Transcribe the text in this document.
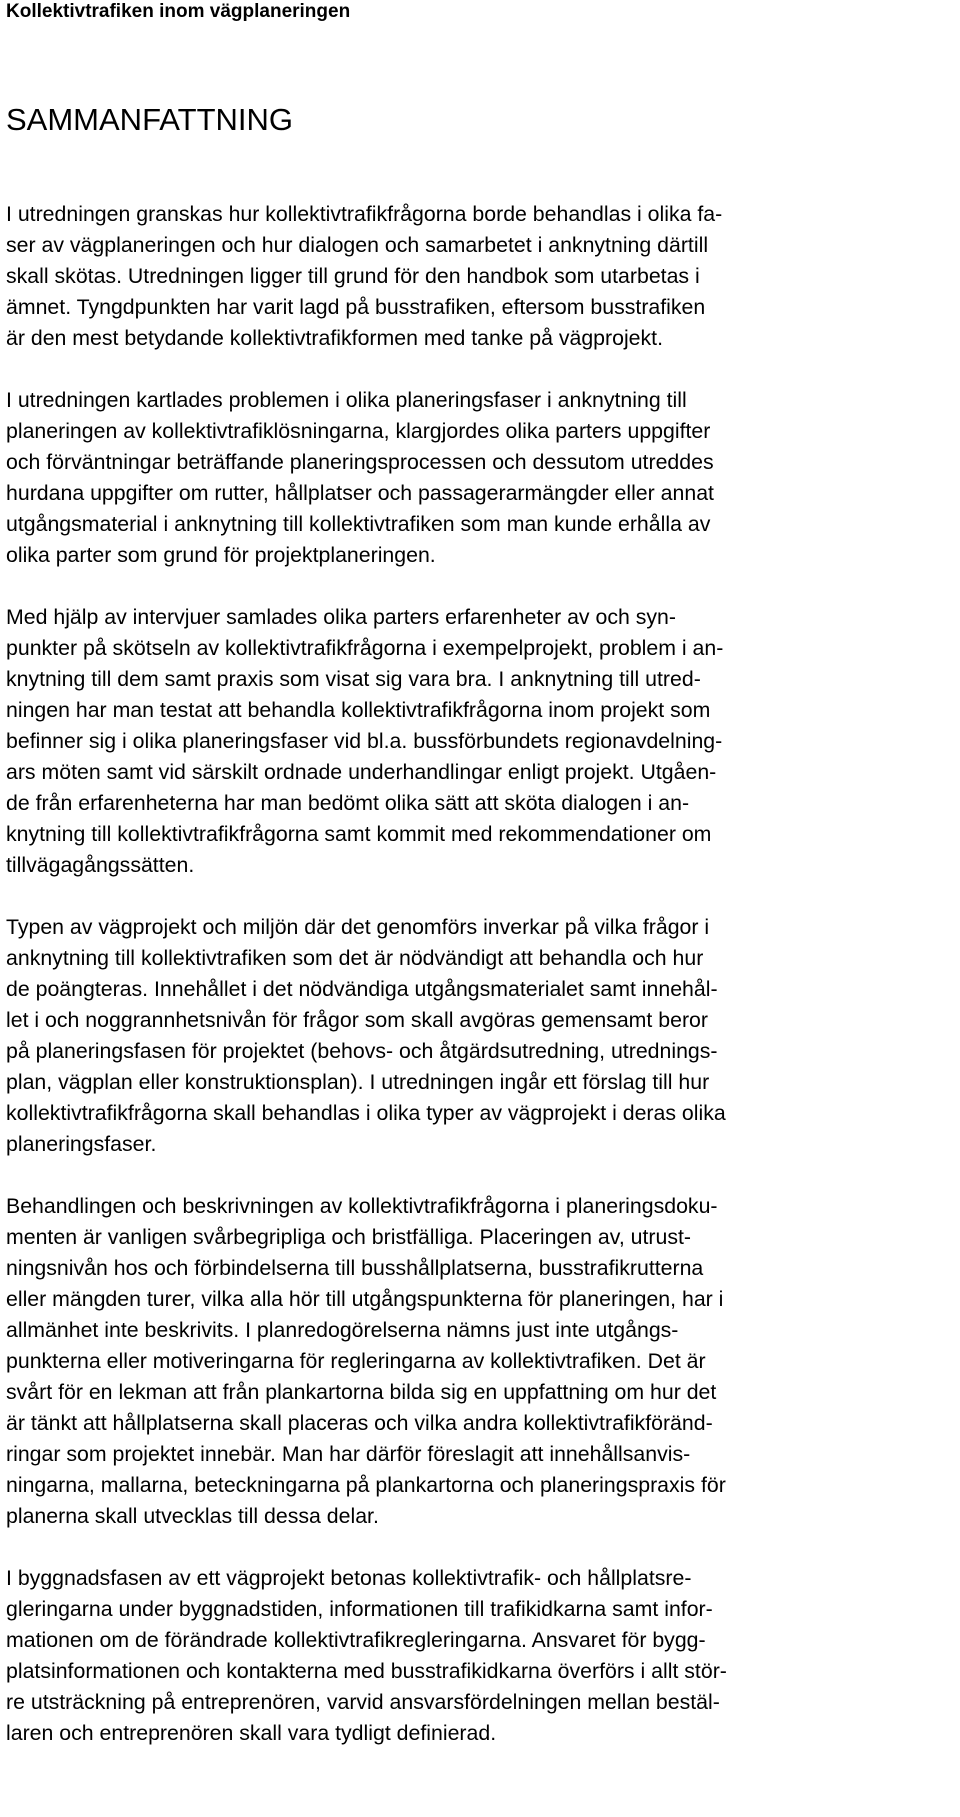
Kollektivtrafiken inom vägplaneringen
SAMMANFATTNING
I utredningen granskas hur kollektivtrafikfrågorna borde behandlas i olika fa-
ser av vägplaneringen och hur dialogen och samarbetet i anknytning därtill
skall skötas. Utredningen ligger till grund för den handbok som utarbetas i
ämnet. Tyngdpunkten har varit lagd på busstrafiken, eftersom busstrafiken
är den mest betydande kollektivtrafikformen med tanke på vägprojekt.
I utredningen kartlades problemen i olika planeringsfaser i anknytning till
planeringen av kollektivtrafiklösningarna, klargjordes olika parters uppgifter
och förväntningar beträffande planeringsprocessen och dessutom utreddes
hurdana uppgifter om rutter, hållplatser och passagerarmängder eller annat
utgångsmaterial i anknytning till kollektivtrafiken som man kunde erhålla av
olika parter som grund för projektplaneringen.
Med hjälp av intervjuer samlades olika parters erfarenheter av och syn-
punkter på skötseln av kollektivtrafikfrågorna i exempelprojekt, problem i an-
knytning till dem samt praxis som visat sig vara bra. I anknytning till utred-
ningen har man testat att behandla kollektivtrafikfrågorna inom projekt som
befinner sig i olika planeringsfaser vid bl.a. bussförbundets regionavdelning-
ars möten samt vid särskilt ordnade underhandlingar enligt projekt. Utgåen-
de från erfarenheterna har man bedömt olika sätt att sköta dialogen i an-
knytning till kollektivtrafikfrågorna samt kommit med rekommendationer om
tillvägagångssätten.
Typen av vägprojekt och miljön där det genomförs inverkar på vilka frågor i
anknytning till kollektivtrafiken som det är nödvändigt att behandla och hur
de poängteras. Innehållet i det nödvändiga utgångsmaterialet samt innehål-
let i och noggrannhetsnivån för frågor som skall avgöras gemensamt beror
på planeringsfasen för projektet (behovs- och åtgärdsutredning, utrednings-
plan, vägplan eller konstruktionsplan). I utredningen ingår ett förslag till hur
kollektivtrafikfrågorna skall behandlas i olika typer av vägprojekt i deras olika
planeringsfaser.
Behandlingen och beskrivningen av kollektivtrafikfrågorna i planeringsdoku-
menten är vanligen svårbegripliga och bristfälliga. Placeringen av, utrust-
ningsnivån hos och förbindelserna till busshållplatserna, busstrafikrutterna
eller mängden turer, vilka alla hör till utgångspunkterna för planeringen, har i
allmänhet inte beskrivits. I planredogörelserna nämns just inte utgångs-
punkterna eller motiveringarna för regleringarna av kollektivtrafiken. Det är
svårt för en lekman att från plankartorna bilda sig en uppfattning om hur det
är tänkt att hållplatserna skall placeras och vilka andra kollektivtrafikföränd-
ringar som projektet innebär. Man har därför föreslagit att innehållsanvis-
ningarna, mallarna, beteckningarna på plankartorna och planeringspraxis för
planerna skall utvecklas till dessa delar.
I byggnadsfasen av ett vägprojekt betonas kollektivtrafik- och hållplatsre-
gleringarna under byggnadstiden, informationen till trafikidkarna samt infor-
mationen om de förändrade kollektivtrafikregleringarna. Ansvaret för bygg-
platsinformationen och kontakterna med busstrafikidkarna överförs i allt stör-
re utsträckning på entreprenören, varvid ansvarsfördelningen mellan bestäl-
laren och entreprenören skall vara tydligt definierad.
